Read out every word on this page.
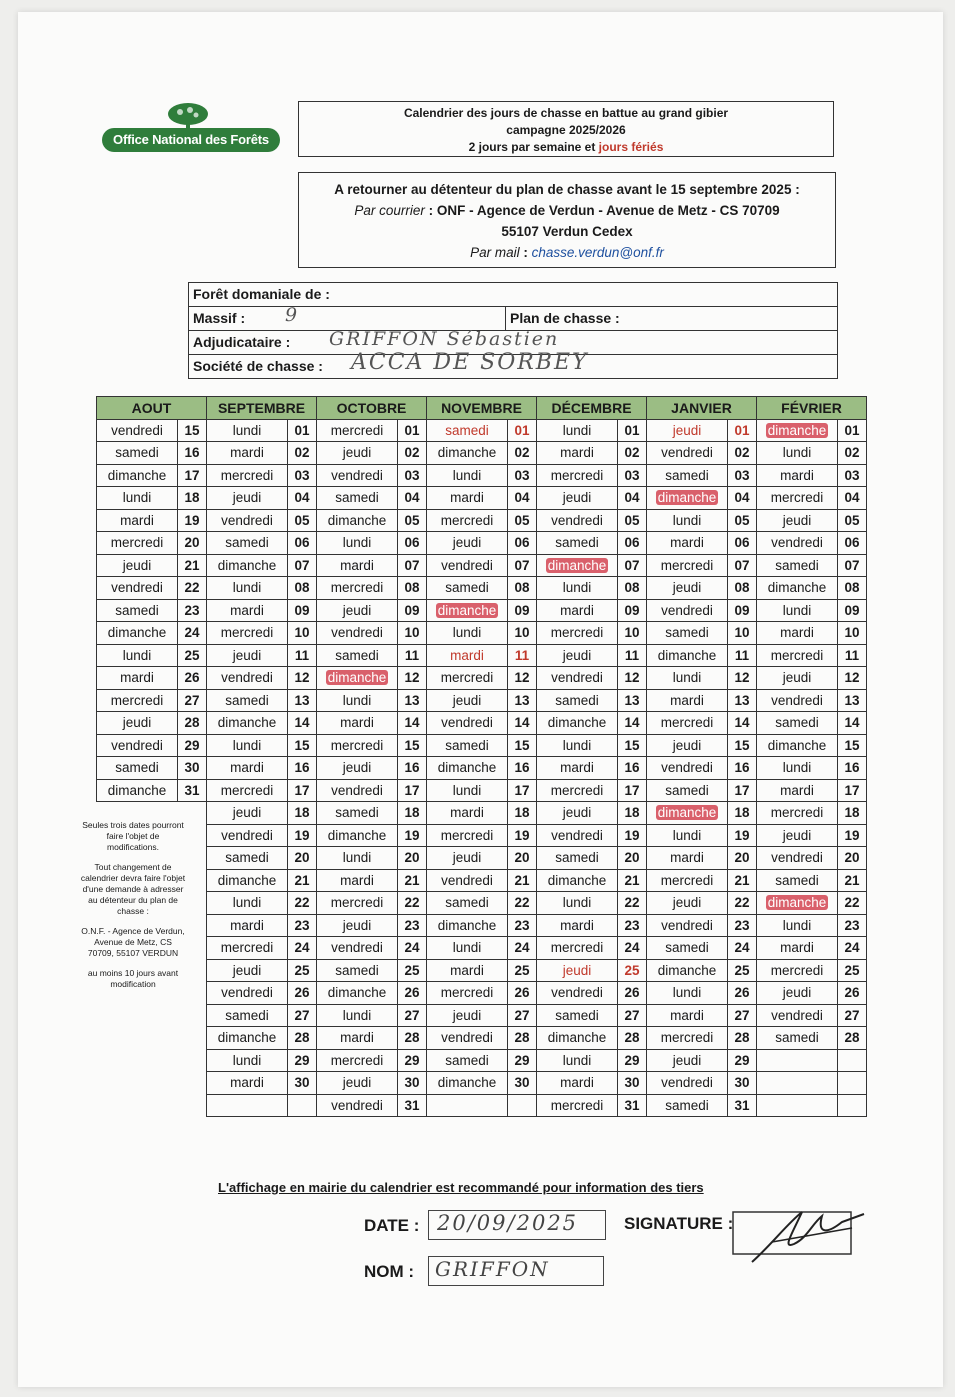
Office National des Forêts
Calendrier des jours de chasse en battue au grand gibier
campagne 2025/2026
2 jours par semaine et jours fériés
A retourner au détenteur du plan de chasse avant le 15 septembre 2025 :
Par courrier : ONF - Agence de Verdun - Avenue de Metz - CS 70709
55107 Verdun Cedex
Par mail : chasse.verdun@onf.fr
Forêt domaniale de :
Massif : 9	Plan de chasse :
Adjudicataire : GRIFFON Sébastien
Société de chasse : ACCA DE SORBEY
AOUT		SEPTEMBRE		OCTOBRE		NOVEMBRE		DÉCEMBRE		JANVIER		FÉVRIER	
vendredi	15	lundi	01	mercredi	01	samedi	01	lundi	01	jeudi	01	dimanche	01
samedi	16	mardi	02	jeudi	02	dimanche	02	mardi	02	vendredi	02	lundi	02
dimanche	17	mercredi	03	vendredi	03	lundi	03	mercredi	03	samedi	03	mardi	03
lundi	18	jeudi	04	samedi	04	mardi	04	jeudi	04	dimanche	04	mercredi	04
mardi	19	vendredi	05	dimanche	05	mercredi	05	vendredi	05	lundi	05	jeudi	05
mercredi	20	samedi	06	lundi	06	jeudi	06	samedi	06	mardi	06	vendredi	06
jeudi	21	dimanche	07	mardi	07	vendredi	07	dimanche	07	mercredi	07	samedi	07
vendredi	22	lundi	08	mercredi	08	samedi	08	lundi	08	jeudi	08	dimanche	08
samedi	23	mardi	09	jeudi	09	dimanche	09	mardi	09	vendredi	09	lundi	09
dimanche	24	mercredi	10	vendredi	10	lundi	10	mercredi	10	samedi	10	mardi	10
lundi	25	jeudi	11	samedi	11	mardi	11	jeudi	11	dimanche	11	mercredi	11
mardi	26	vendredi	12	dimanche	12	mercredi	12	vendredi	12	lundi	12	jeudi	12
mercredi	27	samedi	13	lundi	13	jeudi	13	samedi	13	mardi	13	vendredi	13
jeudi	28	dimanche	14	mardi	14	vendredi	14	dimanche	14	mercredi	14	samedi	14
vendredi	29	lundi	15	mercredi	15	samedi	15	lundi	15	jeudi	15	dimanche	15
samedi	30	mardi	16	jeudi	16	dimanche	16	mardi	16	vendredi	16	lundi	16
dimanche	31	mercredi	17	vendredi	17	lundi	17	mercredi	17	samedi	17	mardi	17
		jeudi	18	samedi	18	mardi	18	jeudi	18	dimanche	18	mercredi	18
		vendredi	19	dimanche	19	mercredi	19	vendredi	19	lundi	19	jeudi	19
		samedi	20	lundi	20	jeudi	20	samedi	20	mardi	20	vendredi	20
		dimanche	21	mardi	21	vendredi	21	dimanche	21	mercredi	21	samedi	21
		lundi	22	mercredi	22	samedi	22	lundi	22	jeudi	22	dimanche	22
		mardi	23	jeudi	23	dimanche	23	mardi	23	vendredi	23	lundi	23
		mercredi	24	vendredi	24	lundi	24	mercredi	24	samedi	24	mardi	24
		jeudi	25	samedi	25	mardi	25	jeudi	25	dimanche	25	mercredi	25
		vendredi	26	dimanche	26	mercredi	26	vendredi	26	lundi	26	jeudi	26
		samedi	27	lundi	27	jeudi	27	samedi	27	mardi	27	vendredi	27
		dimanche	28	mardi	28	vendredi	28	dimanche	28	mercredi	28	samedi	28
		lundi	29	mercredi	29	samedi	29	lundi	29	jeudi	29		
		mardi	30	jeudi	30	dimanche	30	mardi	30	vendredi	30		
				vendredi	31			mercredi	31	samedi	31		

Seules trois dates pourront faire l'objet de modifications.

Tout changement de calendrier devra faire l'objet d'une demande à adresser au détenteur du plan de chasse :

O.N.F. - Agence de Verdun, Avenue de Metz, CS 70709, 55107 VERDUN

au moins 10 jours avant modification

L'affichage en mairie du calendrier est recommandé pour information des tiers
DATE : 20/09/2025	SIGNATURE :
NOM : GRIFFON
